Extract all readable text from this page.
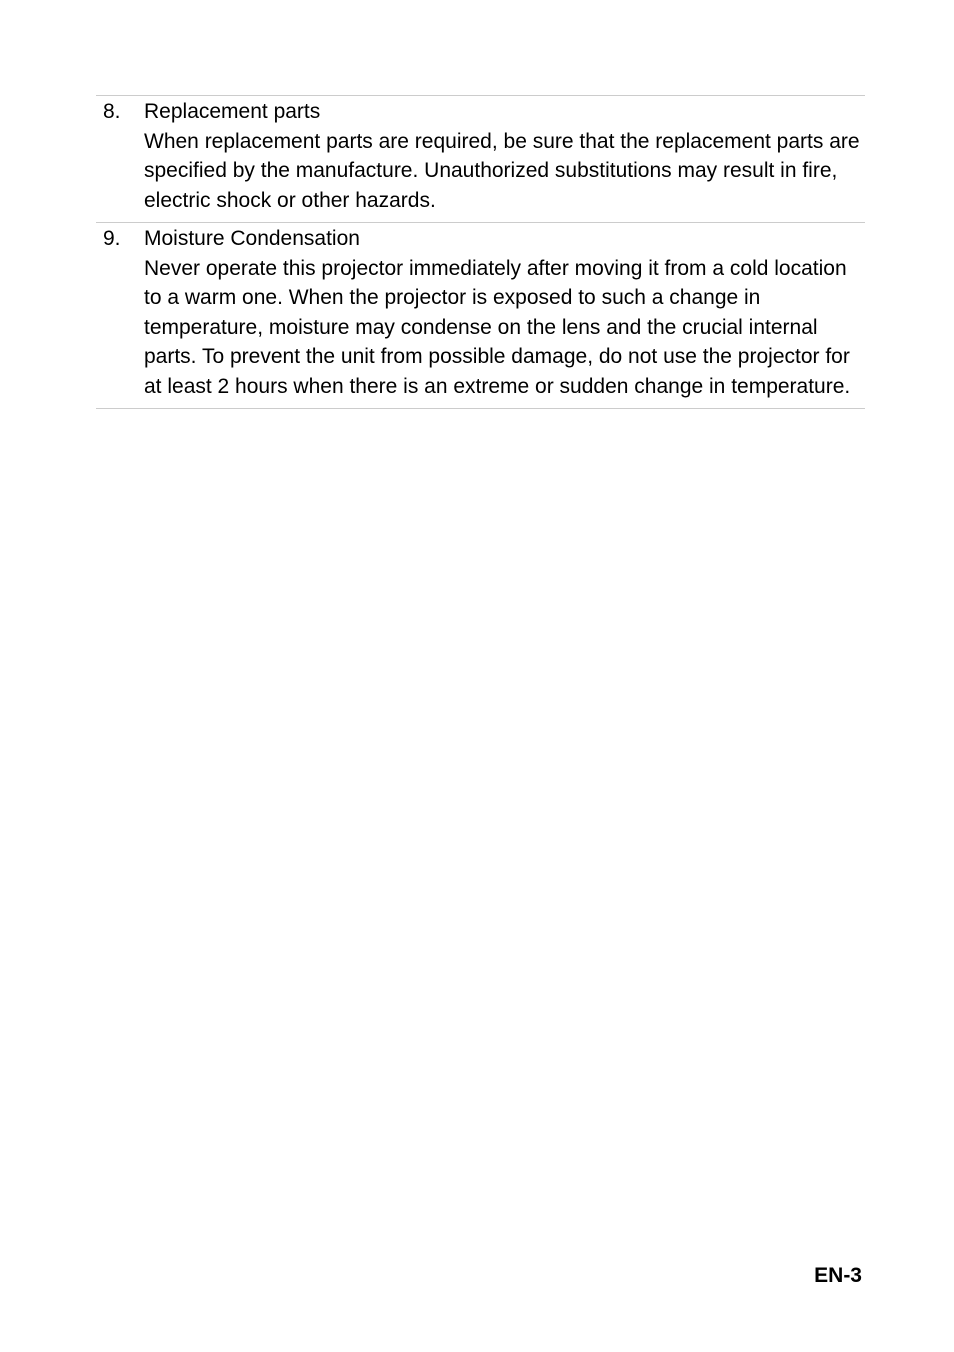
8. Replacement parts
When replacement parts are required, be sure that the replacement parts are specified by the manufacture. Unauthorized substitutions may result in fire, electric shock or other hazards.
9. Moisture Condensation
Never operate this projector immediately after moving it from a cold location to a warm one. When the projector is exposed to such a change in temperature, moisture may condense on the lens and the crucial internal parts. To prevent the unit from possible damage, do not use the projector for at least 2 hours when there is an extreme or sudden change in temperature.
EN-3
